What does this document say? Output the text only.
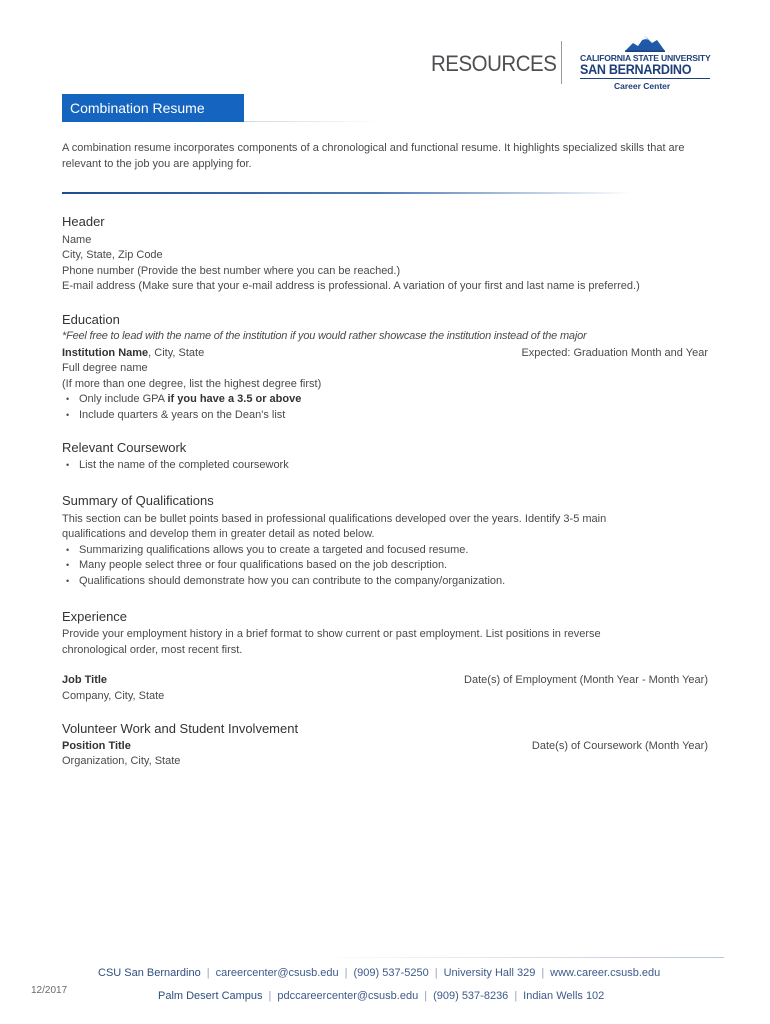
RESOURCES	CALIFORNIA STATE UNIVERSITY
SAN BERNARDINO
Career Center
Combination Resume
A combination resume incorporates components of a chronological and functional resume. It highlights specialized skills that are relevant to the job you are applying for.
Header
Name
City, State, Zip Code
Phone number (Provide the best number where you can be reached.)
E-mail address (Make sure that your e-mail address is professional. A variation of your first and last name is preferred.)
Education
*Feel free to lead with the name of the institution if you would rather showcase the institution instead of the major
Institution Name, City, State	Expected: Graduation Month and Year
Full degree name
(If more than one degree, list the highest degree first)
• Only include GPA if you have a 3.5 or above
• Include quarters & years on the Dean's list
Relevant Coursework
• List the name of the completed coursework
Summary of Qualifications
This section can be bullet points based in professional qualifications developed over the years. Identify 3-5 main
qualifications and develop them in greater detail as noted below.
• Summarizing qualifications allows you to create a targeted and focused resume.
• Many people select three or four qualifications based on the job description.
• Qualifications should demonstrate how you can contribute to the company/organization.
Experience
Provide your employment history in a brief format to show current or past employment. List positions in reverse
chronological order, most recent first.
Job Title	Date(s) of Employment (Month Year - Month Year)
Company, City, State
Volunteer Work and Student Involvement
Position Title	Date(s) of Coursework (Month Year)
Organization, City, State
CSU San Bernardino | careercenter@csusb.edu | (909) 537-5250 | University Hall 329 | www.career.csusb.edu
Palm Desert Campus | pdccareercenter@csusb.edu | (909) 537-8236 | Indian Wells 102
12/2017
